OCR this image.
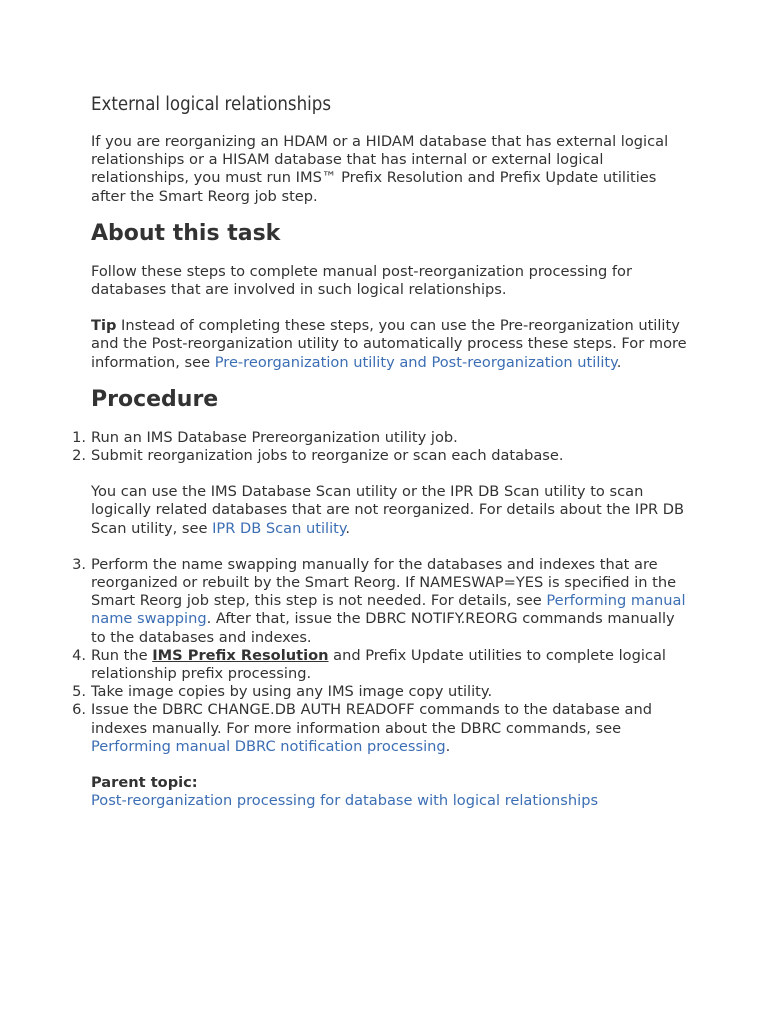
External logical relationships

If you are reorganizing an HDAM or a HIDAM database that has external logical relationships or a HISAM database that has internal or external logical relationships, you must run IMS™ Prefix Resolution and Prefix Update utilities after the Smart Reorg job step.

About this task

Follow these steps to complete manual post-reorganization processing for databases that are involved in such logical relationships.

Tip Instead of completing these steps, you can use the Pre-reorganization utility and the Post-reorganization utility to automatically process these steps. For more information, see Pre-reorganization utility and Post-reorganization utility.

Procedure
1. Run an IMS Database Prereorganization utility job.
2. Submit reorganization jobs to reorganize or scan each database.
You can use the IMS Database Scan utility or the IPR DB Scan utility to scan logically related databases that are not reorganized. For details about the IPR DB Scan utility, see IPR DB Scan utility.
3. Perform the name swapping manually for the databases and indexes that are reorganized or rebuilt by the Smart Reorg. If NAMESWAP=YES is specified in the Smart Reorg job step, this step is not needed. For details, see Performing manual name swapping. After that, issue the DBRC NOTIFY.REORG commands manually to the databases and indexes.
4. Run the IMS Prefix Resolution and Prefix Update utilities to complete logical relationship prefix processing.
5. Take image copies by using any IMS image copy utility.
6. Issue the DBRC CHANGE.DB AUTH READOFF commands to the database and indexes manually. For more information about the DBRC commands, see Performing manual DBRC notification processing.
Parent topic:
Post-reorganization processing for database with logical relationships
